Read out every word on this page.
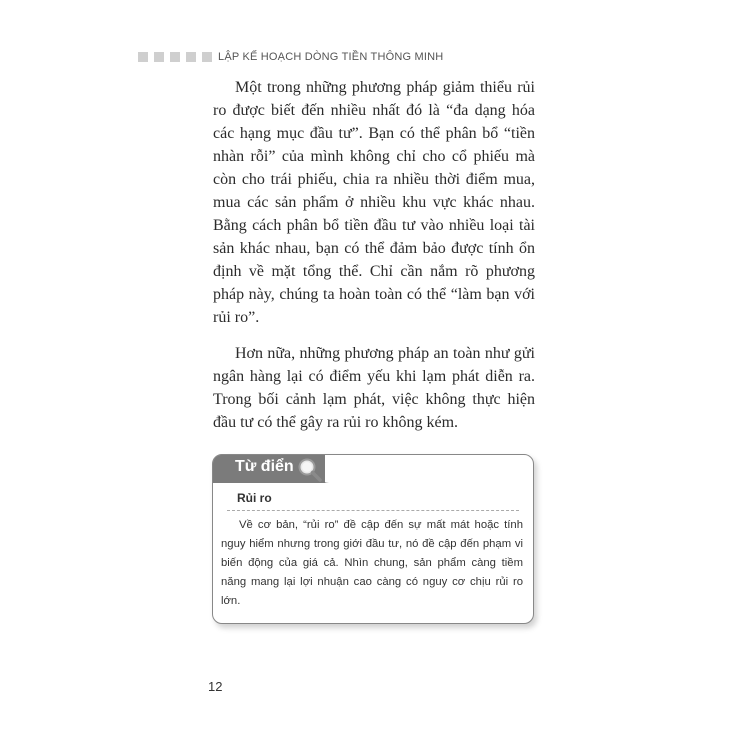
LẬP KẾ HOẠCH DÒNG TIỀN THÔNG MINH

Một trong những phương pháp giảm thiểu rủi ro được biết đến nhiều nhất đó là “đa dạng hóa các hạng mục đầu tư”. Bạn có thể phân bổ “tiền nhàn rỗi” của mình không chỉ cho cổ phiếu mà còn cho trái phiếu, chia ra nhiều thời điểm mua, mua các sản phẩm ở nhiều khu vực khác nhau. Bằng cách phân bổ tiền đầu tư vào nhiều loại tài sản khác nhau, bạn có thể đảm bảo được tính ổn định về mặt tổng thể. Chỉ cần nắm rõ phương pháp này, chúng ta hoàn toàn có thể “làm bạn với rủi ro”.

Hơn nữa, những phương pháp an toàn như gửi ngân hàng lại có điểm yếu khi lạm phát diễn ra. Trong bối cảnh lạm phát, việc không thực hiện đầu tư có thể gây ra rủi ro không kém.

Từ điển
Rủi ro

Về cơ bản, “rủi ro” đề cập đến sự mất mát hoặc tính nguy hiểm nhưng trong giới đầu tư, nó đề cập đến phạm vi biến động của giá cả. Nhìn chung, sản phẩm càng tiềm năng mang lại lợi nhuận cao càng có nguy cơ chịu rủi ro lớn.

12
